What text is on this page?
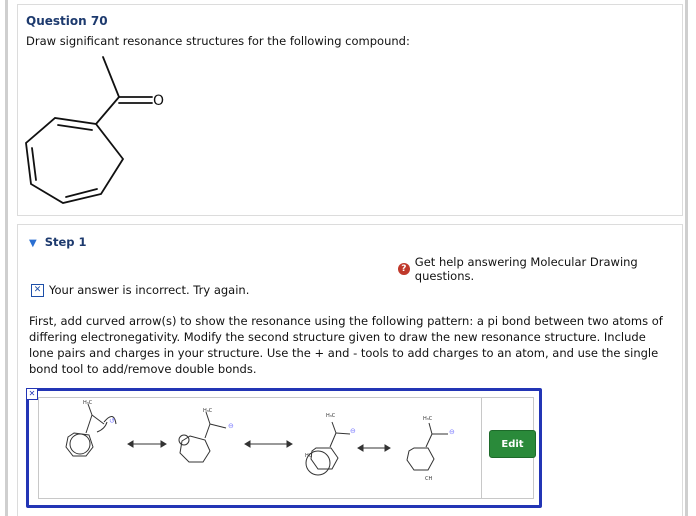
Question 70
Draw significant resonance structures for the following compound:
O
▼ Step 1
? Get help answering Molecular Drawing questions.
✕ Your answer is incorrect. Try again.
First, add curved arrow(s) to show the resonance using the following pattern: a pi bond between two atoms of differing electronegativity. Modify the second structure given to draw the new resonance structure. Include lone pairs and charges in your structure. Use the + and - tools to add charges to an atom, and use the single bond tool to add/remove double bonds.
✕
↺
⊖
⊖	⊖
H₃C
H₃C
H₃C	H₃C
HC
CH
Edit
